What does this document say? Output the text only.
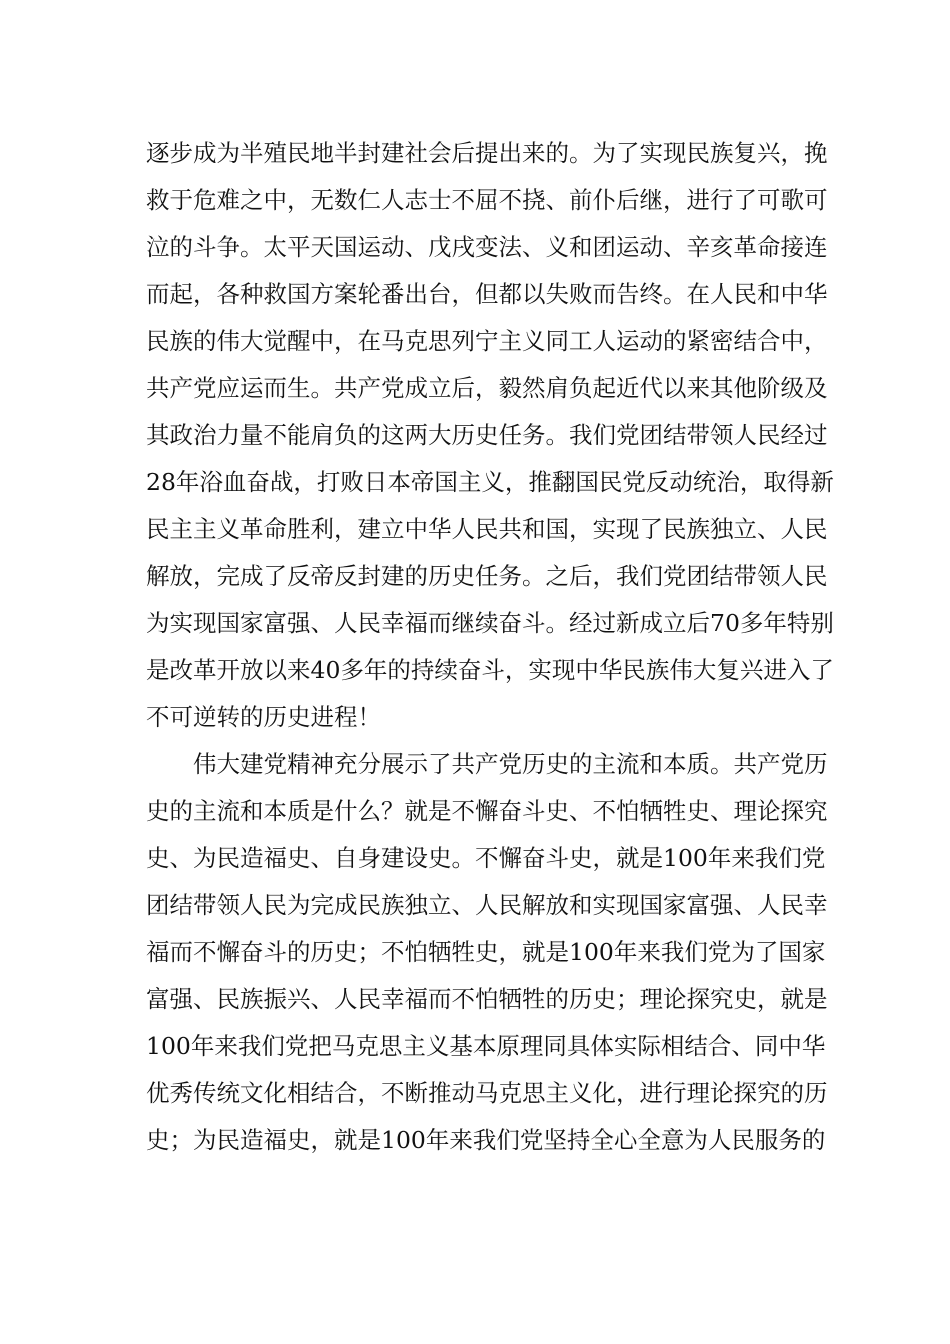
逐步成为半殖民地半封建社会后提出来的。为了实现民族复兴，挽
救于危难之中，无数仁人志士不屈不挠、前仆后继，进行了可歌可
泣的斗争。太平天国运动、戊戌变法、义和团运动、辛亥革命接连
而起，各种救国方案轮番出台，但都以失败而告终。在人民和中华
民族的伟大觉醒中，在马克思列宁主义同工人运动的紧密结合中，
共产党应运而生。共产党成立后，毅然肩负起近代以来其他阶级及
其政治力量不能肩负的这两大历史任务。我们党团结带领人民经过
28年浴血奋战，打败日本帝国主义，推翻国民党反动统治，取得新
民主主义革命胜利，建立中华人民共和国，实现了民族独立、人民
解放，完成了反帝反封建的历史任务。之后，我们党团结带领人民
为实现国家富强、人民幸福而继续奋斗。经过新成立后70多年特别
是改革开放以来40多年的持续奋斗，实现中华民族伟大复兴进入了
不可逆转的历史进程！
伟大建党精神充分展示了共产党历史的主流和本质。共产党历
史的主流和本质是什么？就是不懈奋斗史、不怕牺牲史、理论探究
史、为民造福史、自身建设史。不懈奋斗史，就是100年来我们党
团结带领人民为完成民族独立、人民解放和实现国家富强、人民幸
福而不懈奋斗的历史；不怕牺牲史，就是100年来我们党为了国家
富强、民族振兴、人民幸福而不怕牺牲的历史；理论探究史，就是
100年来我们党把马克思主义基本原理同具体实际相结合、同中华
优秀传统文化相结合，不断推动马克思主义化，进行理论探究的历
史；为民造福史，就是100年来我们党坚持全心全意为人民服务的
